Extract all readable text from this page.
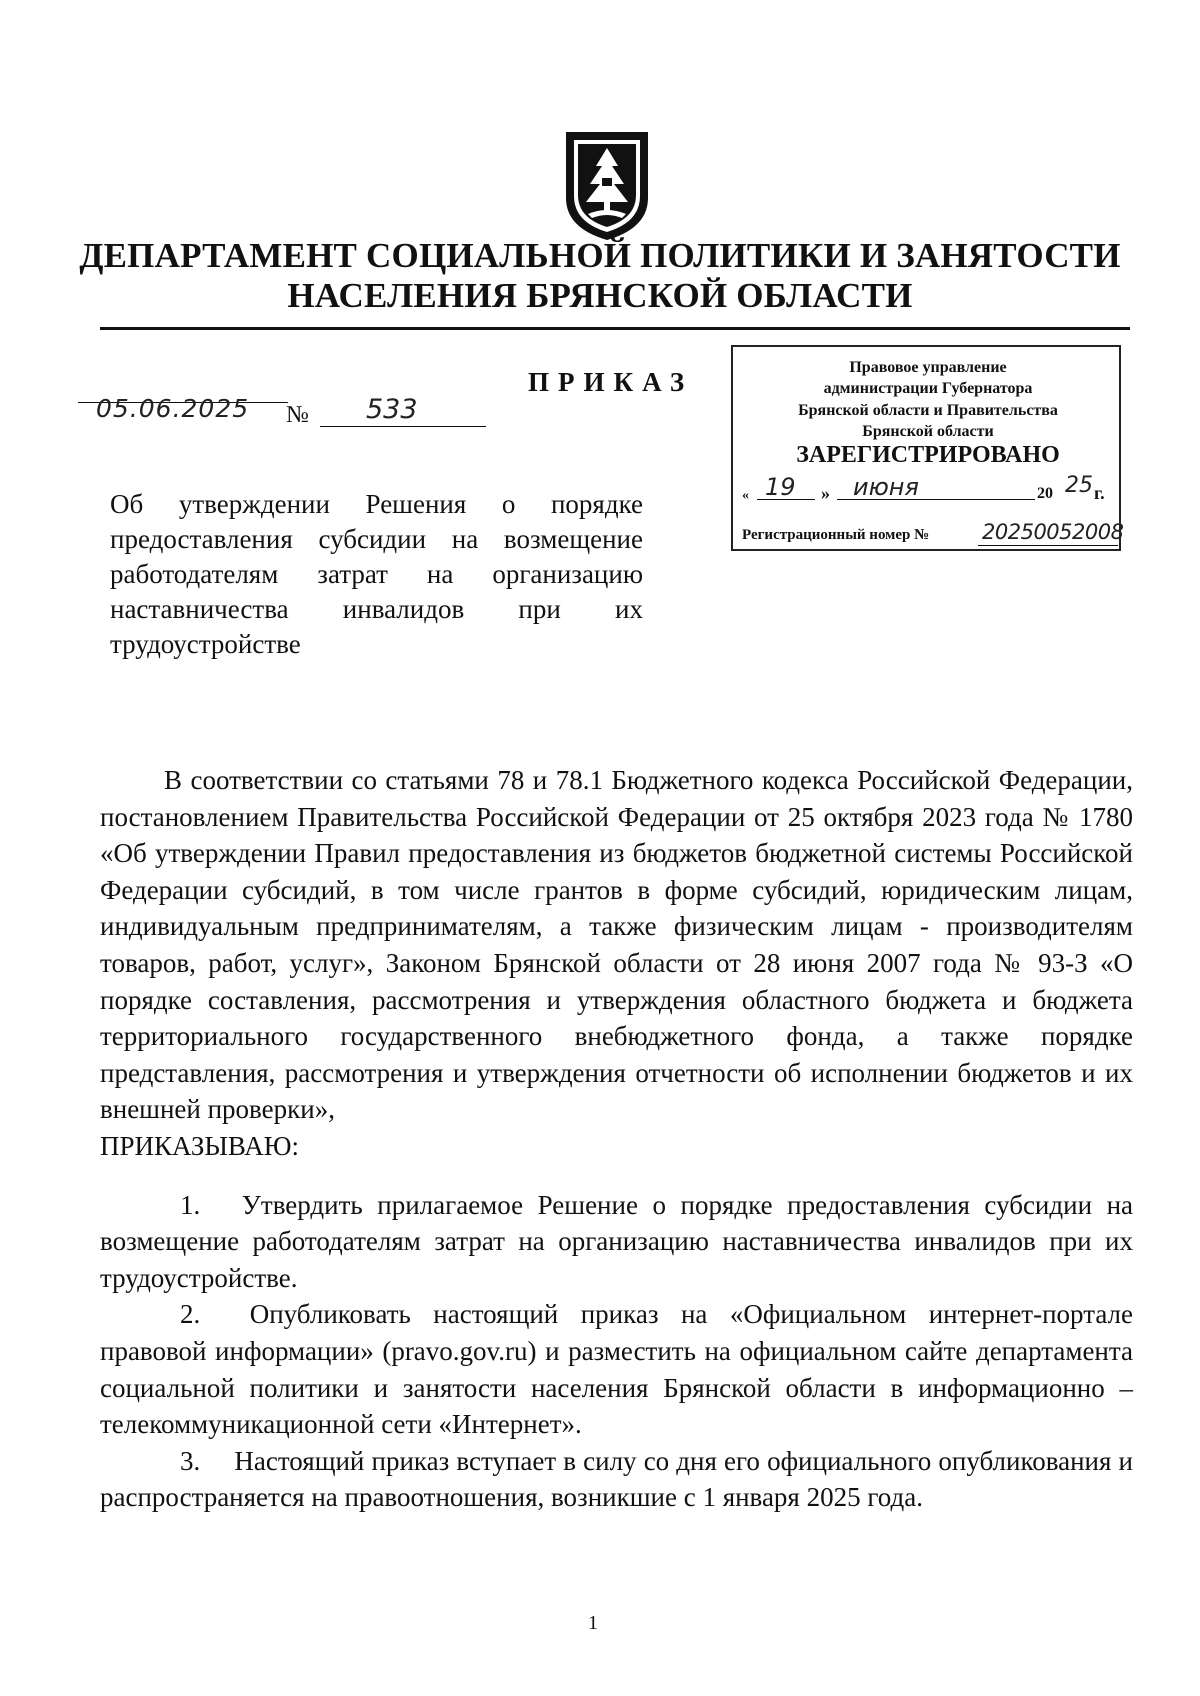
ДЕПАРТАМЕНТ СОЦИАЛЬНОЙ ПОЛИТИКИ И ЗАНЯТОСТИ
НАСЕЛЕНИЯ БРЯНСКОЙ ОБЛАСТИ
ПРИКАЗ
05.06.2025 № 533
Правовое управление
администрации Губернатора
Брянской области и Правительства
Брянской области
ЗАРЕГИСТРИРОВАНО
« 19 » июня	20 25 г.
Регистрационный номер №	20250052008
Об утверждении Решения о порядке
предоставления субсидии на возмещение
работодателям затрат на организацию
наставничества инвалидов при их
трудоустройстве

В соответствии со статьями 78 и 78.1 Бюджетного кодекса Российской Федерации, постановлением Правительства Российской Федерации от 25 октября 2023 года № 1780 «Об утверждении Правил предоставления из бюджетов бюджетной системы Российской Федерации субсидий, в том числе грантов в форме субсидий, юридическим лицам, индивидуальным предпринимателям, а также физическим лицам - производителям товаров, работ, услуг», Законом Брянской области от 28 июня 2007 года № 93-З «О порядке составления, рассмотрения и утверждения областного бюджета и бюджета территориального государственного внебюджетного фонда, а также порядке представления, рассмотрения и утверждения отчетности об исполнении бюджетов и их внешней проверки»,

ПРИКАЗЫВАЮ:

1.  Утвердить прилагаемое Решение о порядке предоставления субсидии на возмещение работодателям затрат на организацию наставничества инвалидов при их трудоустройстве.

2.  Опубликовать настоящий приказ на «Официальном интернет-портале правовой информации» (pravo.gov.ru) и разместить на официальном сайте департамента социальной политики и занятости населения Брянской области в информационно – телекоммуникационной сети «Интернет».

3.  Настоящий приказ вступает в силу со дня его официального опубликования и распространяется на правоотношения, возникшие с 1 января 2025 года.

1
